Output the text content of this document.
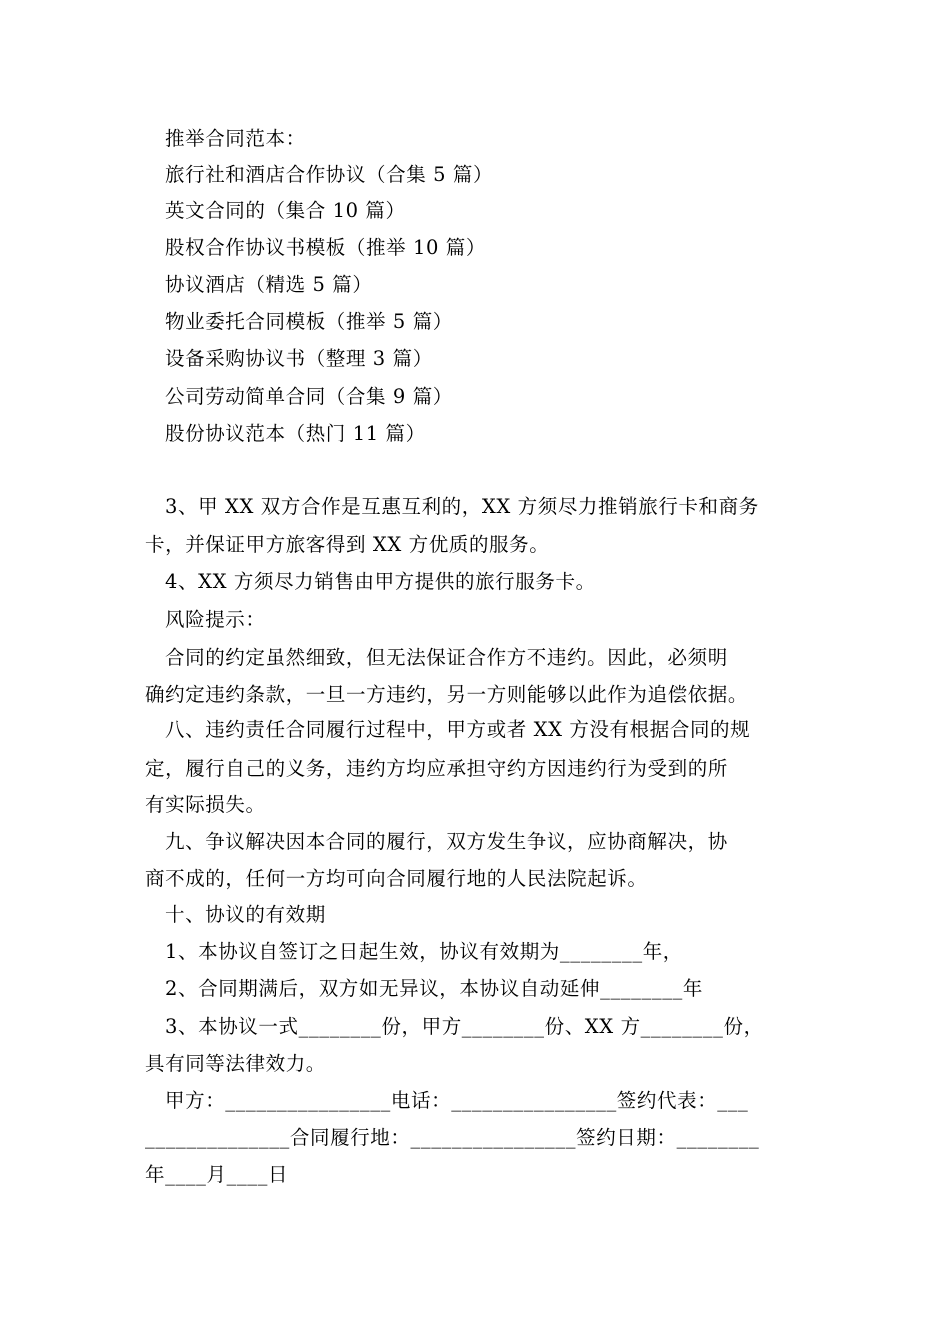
推举合同范本：
旅行社和酒店合作协议（合集 5 篇）
英文合同的（集合 10 篇）
股权合作协议书模板（推举 10 篇）
协议酒店（精选 5 篇）
物业委托合同模板（推举 5 篇）
设备采购协议书（整理 3 篇）
公司劳动简单合同（合集 9 篇）
股份协议范本（热门 11 篇）
3、甲 XX 双方合作是互惠互利的，XX 方须尽力推销旅行卡和商务
卡，并保证甲方旅客得到 XX 方优质的服务。
4、XX 方须尽力销售由甲方提供的旅行服务卡。
风险提示：
合同的约定虽然细致，但无法保证合作方不违约。因此，必须明
确约定违约条款，一旦一方违约，另一方则能够以此作为追偿依据。
八、违约责任合同履行过程中，甲方或者 XX 方没有根据合同的规
定，履行自己的义务，违约方均应承担守约方因违约行为受到的所
有实际损失。
九、争议解决因本合同的履行，双方发生争议，应协商解决，协
商不成的，任何一方均可向合同履行地的人民法院起诉。
十、协议的有效期
1、本协议自签订之日起生效，协议有效期为________年，
2、合同期满后，双方如无异议，本协议自动延伸________年
3、本协议一式________份，甲方________份、XX 方________份，
具有同等法律效力。
甲方：________________电话：________________签约代表：___
______________合同履行地：________________签约日期：________
年____月____日
